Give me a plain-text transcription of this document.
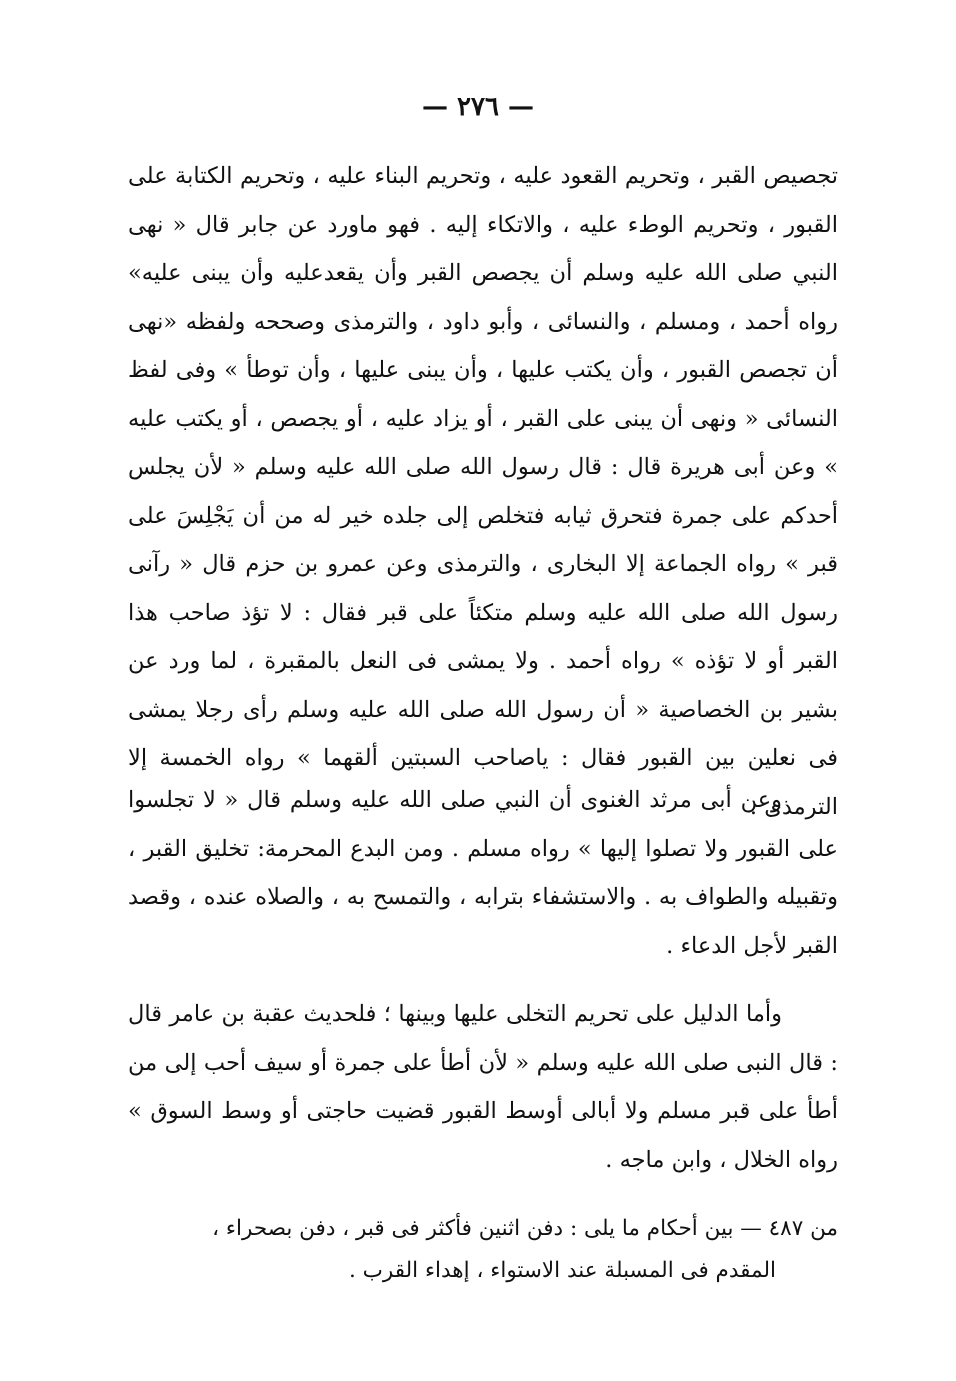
— ٢٧٦ —

تجصيص القبر ، وتحريم القعود عليه ، وتحريم البناء عليه ، وتحريم الكتابة على القبور ، وتحريم الوطء عليه ، والاتكاء إليه . فهو ماورد عن جابر قال « نهى النبي صلى الله عليه وسلم أن يجصص القبر وأن يقعدعليه وأن يبنى عليه» رواه أحمد ، ومسلم ، والنسائى ، وأبو داود ، والترمذى وصححه ولفظه «نهى أن تجصص القبور ، وأن يكتب عليها ، وأن يبنى عليها ، وأن توطأ » وفى لفظ النسائى « ونهى أن يبنى على القبر ، أو يزاد عليه ، أو يجصص ، أو يكتب عليه » وعن أبى هريرة قال : قال رسول الله صلى الله عليه وسلم « لأن يجلس أحدكم على جمرة فتحرق ثيابه فتخلص إلى جلده خير له من أن يَجْلِسَ على قبر » رواه الجماعة إلا البخارى ، والترمذى وعن عمرو بن حزم قال « رآنى رسول الله صلى الله عليه وسلم متكئاً على قبر فقال : لا تؤذ صاحب هذا القبر أو لا تؤذه » رواه أحمد . ولا يمشى فى النعل بالمقبرة ، لما ورد عن بشير بن الخصاصية « أن رسول الله صلى الله عليه وسلم رأى رجلا يمشى فى نعلين بين القبور فقال : ياصاحب السبتين ألقهما » رواه الخمسة إلا الترمذى .

وعن أبى مرثد الغنوى أن النبي صلى الله عليه وسلم قال « لا تجلسوا على القبور ولا تصلوا إليها » رواه مسلم . ومن البدع المحرمة: تخليق القبر ، وتقبيله والطواف به . والاستشفاء بترابه ، والتمسح به ، والصلاه عنده ، وقصد القبر لأجل الدعاء .

وأما الدليل على تحريم التخلى عليها وبينها ؛ فلحديث عقبة بن عامر قال : قال النبى صلى الله عليه وسلم « لأن أطأ على جمرة أو سيف أحب إلى من أطأ على قبر مسلم ولا أبالى أوسط القبور قضيت حاجتى أو وسط السوق » رواه الخلال ، وابن ماجه .

من ٤٨٧ — بين أحكام ما يلى : دفن اثنين فأكثر فى قبر ، دفن بصحراء ،
المقدم فى المسبلة عند الاستواء ، إهداء القرب .
